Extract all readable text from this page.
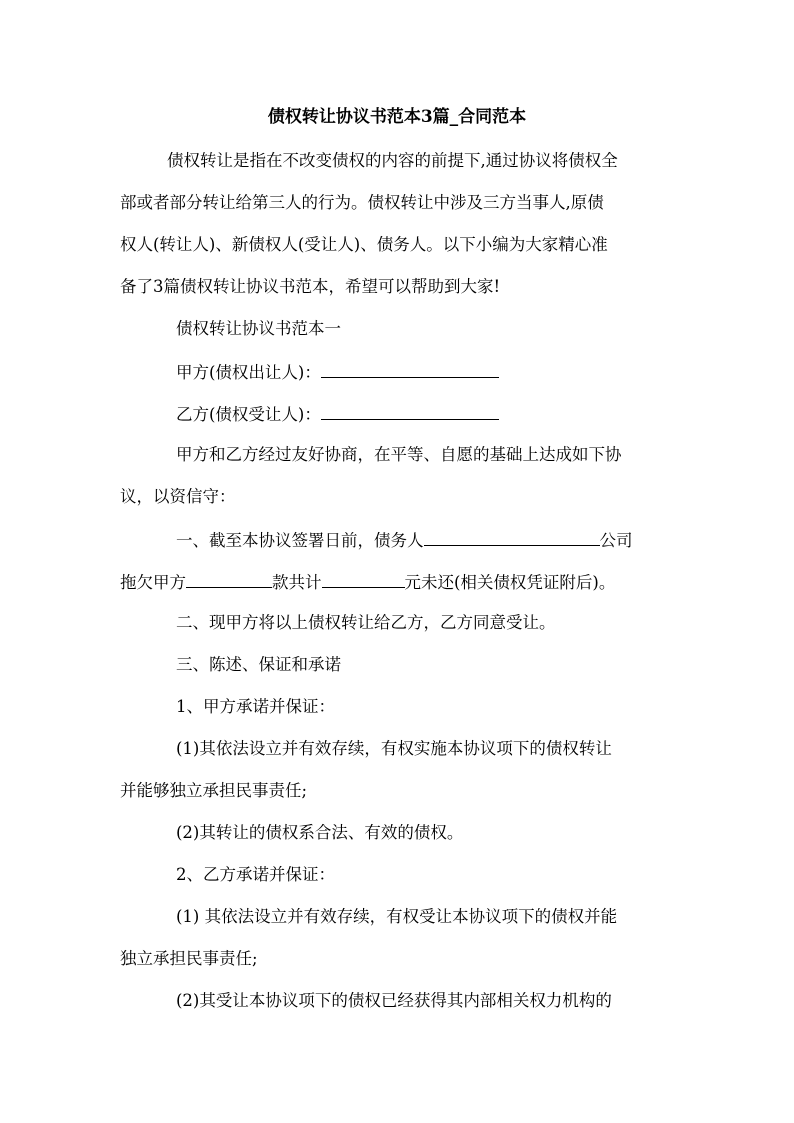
债权转让协议书范本3篇_合同范本
债权转让是指在不改变债权的内容的前提下,通过协议将债权全
部或者部分转让给第三人的行为。债权转让中涉及三方当事人,原债
权人(转让人)、新债权人(受让人)、债务人。以下小编为大家精心准
备了3篇债权转让协议书范本，希望可以帮助到大家!
债权转让协议书范本一
甲方(债权出让人)：
乙方(债权受让人)：
甲方和乙方经过友好协商，在平等、自愿的基础上达成如下协
议，以资信守：
一、截至本协议签署日前，债务人	公司
拖欠甲方	款共计	元未还(相关债权凭证附后)。
二、现甲方将以上债权转让给乙方，乙方同意受让。
三、陈述、保证和承诺
1、甲方承诺并保证：
(1)其依法设立并有效存续，有权实施本协议项下的债权转让
并能够独立承担民事责任;
(2)其转让的债权系合法、有效的债权。
2、乙方承诺并保证：
(1) 其依法设立并有效存续，有权受让本协议项下的债权并能
独立承担民事责任;
(2)其受让本协议项下的债权已经获得其内部相关权力机构的
